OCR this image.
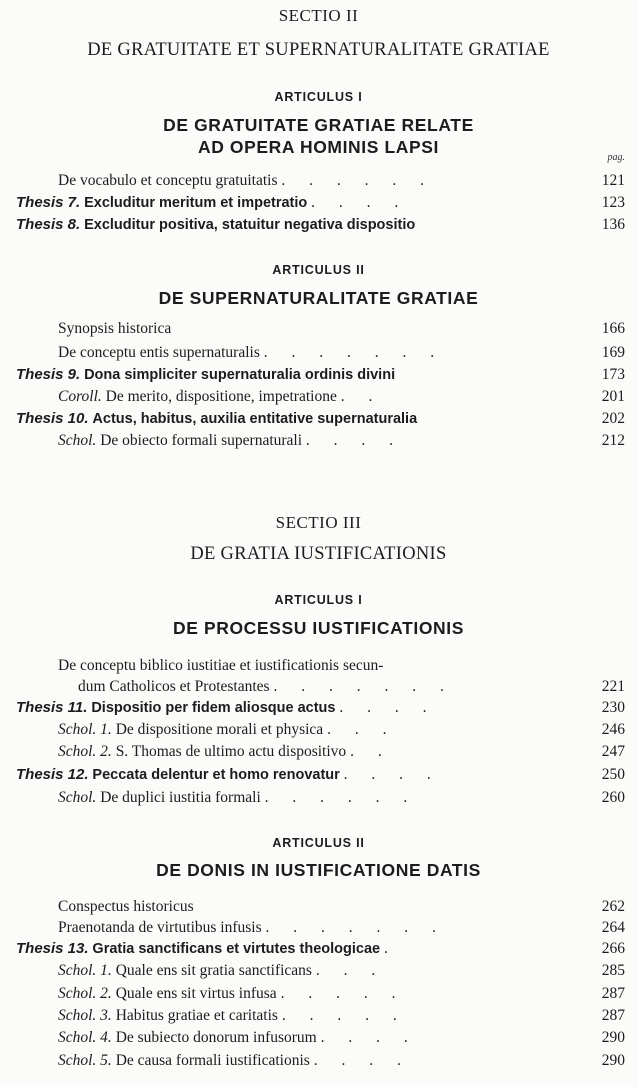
SECTIO II
DE GRATUITATE ET SUPERNATURALITATE GRATIAE
ARTICULUS I
DE GRATUITATE GRATIAE RELATE
AD OPERA HOMINIS LAPSI
pag.
De vocabulo et conceptu gratuitatis . . . . . .	121
Thesis 7. Excluditur meritum et impetratio . . . .	123
Thesis 8. Excluditur positiva, statuitur negativa dispositio	136
ARTICULUS II
DE SUPERNATURALITATE GRATIAE
Synopsis historica	166
De conceptu entis supernaturalis . . . . . . .	169
Thesis 9. Dona simpliciter supernaturalia ordinis divini	173
Coroll. De merito, dispositione, impetratione . .	201
Thesis 10. Actus, habitus, auxilia entitative supernaturalia	202
Schol. De obiecto formali supernaturali . . . .	212
SECTIO III
DE GRATIA IUSTIFICATIONIS
ARTICULUS I
DE PROCESSU IUSTIFICATIONIS
De conceptu biblico iustitiae et iustificationis secun-
dum Catholicos et Protestantes . . . . . . .	221
Thesis 11. Dispositio per fidem aliosque actus . . . .	230
Schol. 1. De dispositione morali et physica . . .	246
Schol. 2. S. Thomas de ultimo actu dispositivo . .	247
Thesis 12. Peccata delentur et homo renovatur . . . .	250
Schol. De duplici iustitia formali . . . . . .	260
ARTICULUS II
DE DONIS IN IUSTIFICATIONE DATIS
Conspectus historicus	262
Praenotanda de virtutibus infusis . . . . . . .	264
Thesis 13. Gratia sanctificans et virtutes theologicae .	266
Schol. 1. Quale ens sit gratia sanctificans . . .	285
Schol. 2. Quale ens sit virtus infusa . . . . .	287
Schol. 3. Habitus gratiae et caritatis . . . . .	287
Schol. 4. De subiecto donorum infusorum . . . .	290
Schol. 5. De causa formali iustificationis . . . .	290
